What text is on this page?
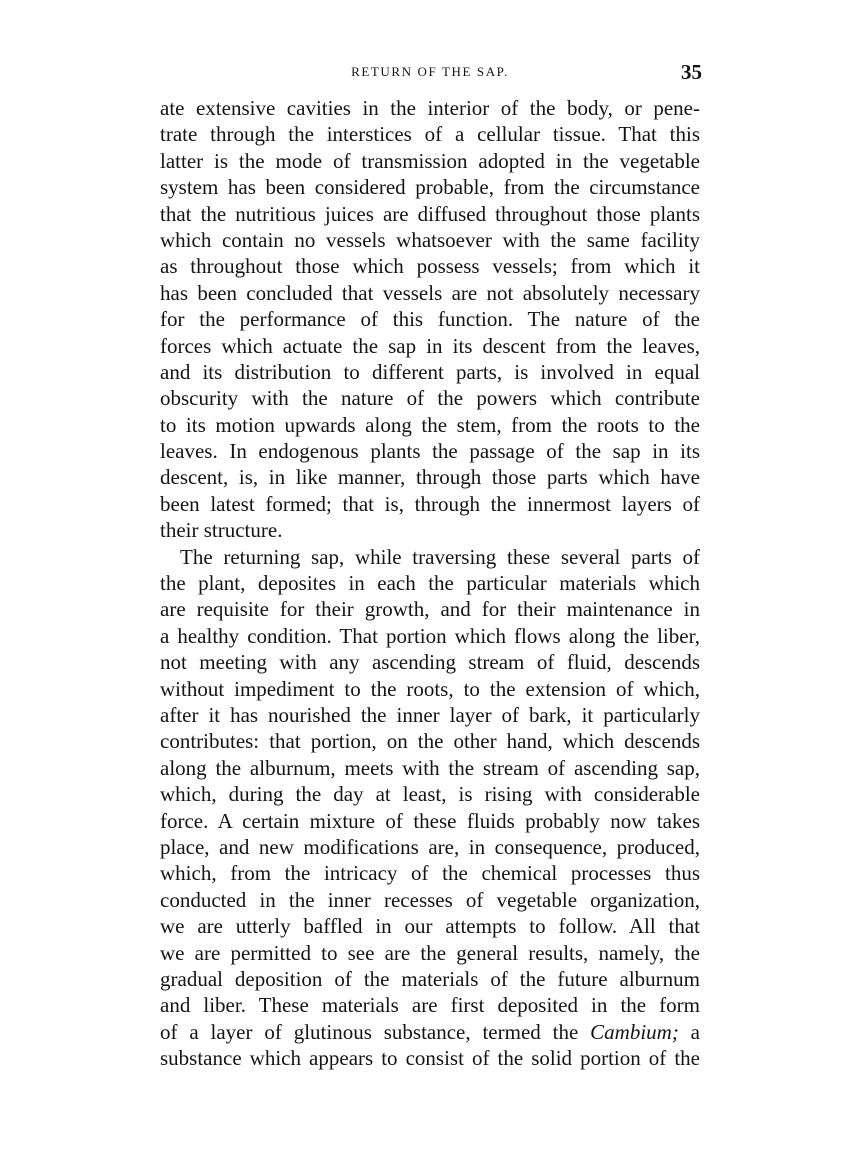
RETURN OF THE SAP.	35
ate extensive cavities in the interior of the body, or pene-
trate through the interstices of a cellular tissue. That this
latter is the mode of transmission adopted in the vegetable
system has been considered probable, from the circumstance
that the nutritious juices are diffused throughout those plants
which contain no vessels whatsoever with the same facility
as throughout those which possess vessels; from which it
has been concluded that vessels are not absolutely necessary
for the performance of this function. The nature of the
forces which actuate the sap in its descent from the leaves,
and its distribution to different parts, is involved in equal
obscurity with the nature of the powers which contribute
to its motion upwards along the stem, from the roots to the
leaves. In endogenous plants the passage of the sap in its
descent, is, in like manner, through those parts which have
been latest formed; that is, through the innermost layers of
their structure.
The returning sap, while traversing these several parts of
the plant, deposites in each the particular materials which
are requisite for their growth, and for their maintenance in
a healthy condition. That portion which flows along the liber,
not meeting with any ascending stream of fluid, descends
without impediment to the roots, to the extension of which,
after it has nourished the inner layer of bark, it particularly
contributes: that portion, on the other hand, which descends
along the alburnum, meets with the stream of ascending sap,
which, during the day at least, is rising with considerable
force. A certain mixture of these fluids probably now takes
place, and new modifications are, in consequence, produced,
which, from the intricacy of the chemical processes thus
conducted in the inner recesses of vegetable organization,
we are utterly baffled in our attempts to follow. All that
we are permitted to see are the general results, namely, the
gradual deposition of the materials of the future alburnum
and liber. These materials are first deposited in the form
of a layer of glutinous substance, termed the Cambium; a
substance which appears to consist of the solid portion of the
